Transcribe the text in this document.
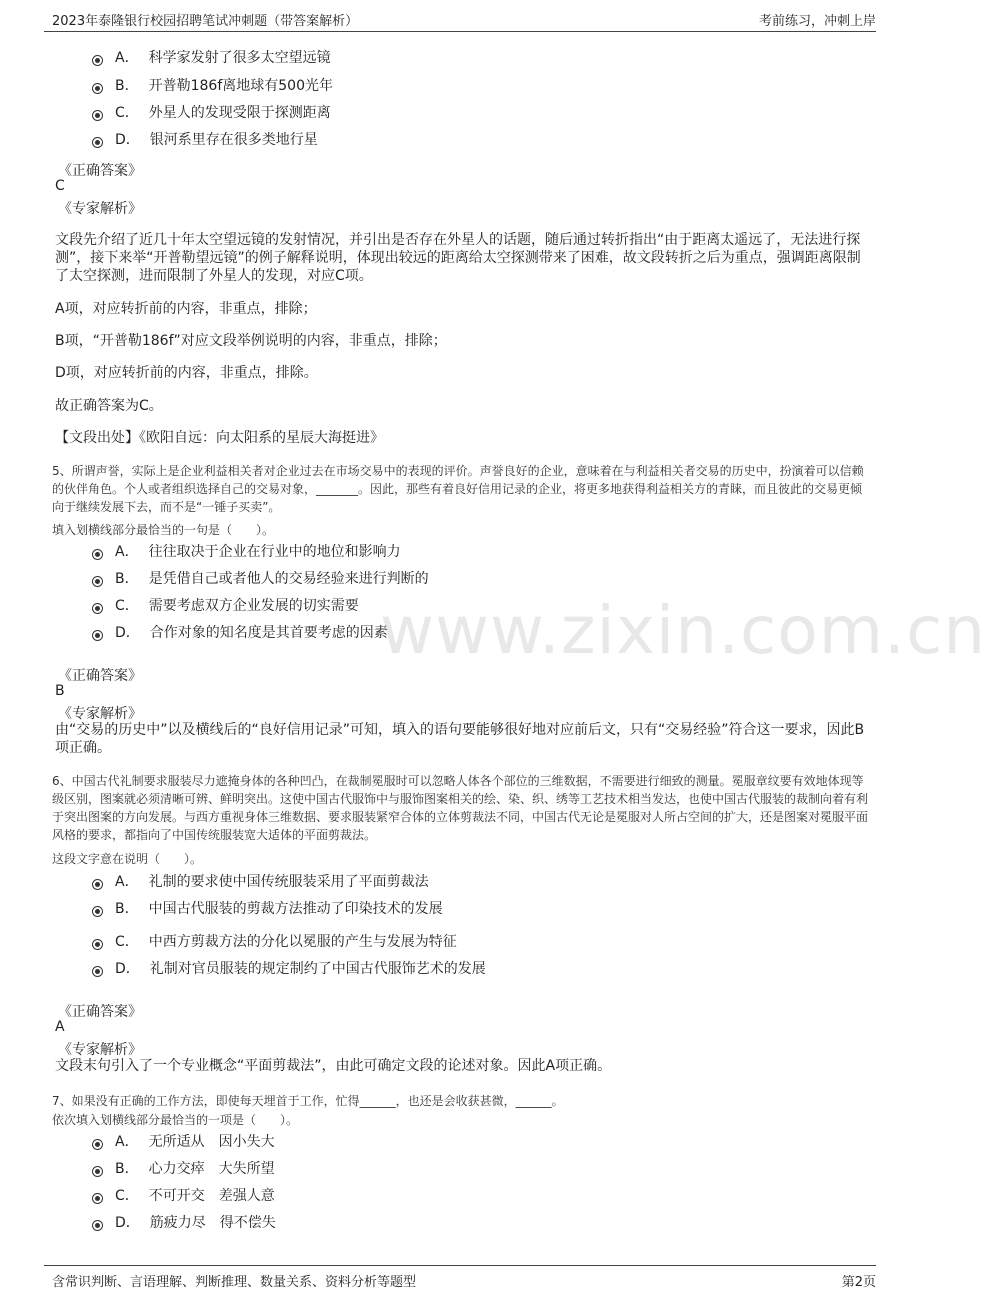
2023年泰隆银行校园招聘笔试冲刺题（带答案解析）	考前练习，冲刺上岸
www.zixin.com.cn
A． 科学家发射了很多太空望远镜
B． 开普勒186f离地球有500光年
C． 外星人的发现受限于探测距离
D． 银河系里存在很多类地行星
《正确答案》
C
《专家解析》
文段先介绍了近几十年太空望远镜的发射情况，并引出是否存在外星人的话题，随后通过转折指出“由于距离太遥远了，无法进行探测”，接下来举“开普勒望远镜”的例子解释说明，体现出较远的距离给太空探测带来了困难，故文段转折之后为重点，强调距离限制了太空探测，进而限制了外星人的发现，对应C项。
A项，对应转折前的内容，非重点，排除；
B项，“开普勒186f”对应文段举例说明的内容，非重点，排除；
D项，对应转折前的内容，非重点，排除。
故正确答案为C。
【文段出处】《欧阳自远：向太阳系的星辰大海挺进》
5、所谓声誉，实际上是企业利益相关者对企业过去在市场交易中的表现的评价。声誉良好的企业，意味着在与利益相关者交易的历史中，扮演着可以信赖的伙伴角色。个人或者组织选择自己的交易对象，_______。因此，那些有着良好信用记录的企业，将更多地获得利益相关方的青睐，而且彼此的交易更倾向于继续发展下去，而不是“一锤子买卖”。
填入划横线部分最恰当的一句是（　　）。
A． 往往取决于企业在行业中的地位和影响力
B． 是凭借自己或者他人的交易经验来进行判断的
C． 需要考虑双方企业发展的切实需要
D． 合作对象的知名度是其首要考虑的因素
《正确答案》
B
《专家解析》
由“交易的历史中”以及横线后的“良好信用记录”可知，填入的语句要能够很好地对应前后文，只有“交易经验”符合这一要求，因此B项正确。
6、中国古代礼制要求服装尽力遮掩身体的各种凹凸，在裁制冕服时可以忽略人体各个部位的三维数据，不需要进行细致的测量。冕服章纹要有效地体现等级区别，图案就必须清晰可辨、鲜明突出。这使中国古代服饰中与服饰图案相关的绘、染、织、绣等工艺技术相当发达，也使中国古代服装的裁制向着有利于突出图案的方向发展。与西方重视身体三维数据、要求服装紧窄合体的立体剪裁法不同，中国古代无论是冕服对人所占空间的扩大，还是图案对冕服平面风格的要求，都指向了中国传统服装宽大适体的平面剪裁法。
这段文字意在说明（　　）。
A． 礼制的要求使中国传统服装采用了平面剪裁法
B． 中国古代服装的剪裁方法推动了印染技术的发展
C． 中西方剪裁方法的分化以冕服的产生与发展为特征
D． 礼制对官员服装的规定制约了中国古代服饰艺术的发展
《正确答案》
A
《专家解析》
文段末句引入了一个专业概念“平面剪裁法”，由此可确定文段的论述对象。因此A项正确。
7、如果没有正确的工作方法，即使每天埋首于工作，忙得______，也还是会收获甚微，______。
依次填入划横线部分最恰当的一项是（　　）。
A． 无所适从　因小失大
B． 心力交瘁　大失所望
C． 不可开交　差强人意
D． 筋疲力尽　得不偿失
含常识判断、言语理解、判断推理、数量关系、资料分析等题型	第2页
